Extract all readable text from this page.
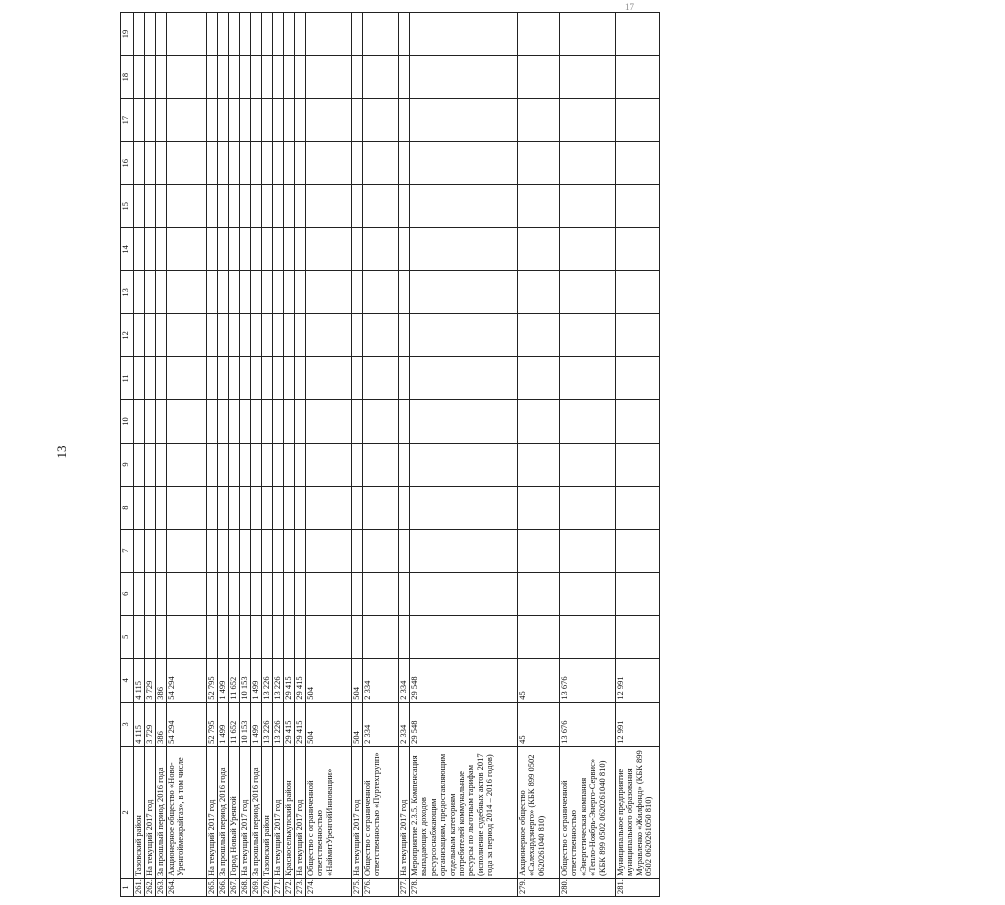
17
13
1	2	3	4	5	6	7	8	9	10	11	12	13	14	15	16	17	18	19
261.	Тазовский район	4 115	4 115															
262.	На текущий 2017 год	3 729	3 729															
263.	За прошлый период 2016 года	386	386															
264.	Акционерное общество «Ново-Уренгоймежрайгаз», в том числе	54 294	54 294															
265.	На текущий 2017 год	52 795	52 795															
266.	За прошлый период 2016 года	1 499	1 499															
267.	Город Новый Уренгой	11 652	11 652															
268.	На текущий 2017 год	10 153	10 153															
269.	За прошлый период 2016 года	1 499	1 499															
270.	Тазовский район	13 226	13 226															
271.	На текущий 2017 год	13 226	13 226															
272.	Красноселькупский район	29 415	29 415															
273.	На текущий 2017 год	29 415	29 415															
274.	Общество с ограниченной ответственностью «НаймитУренгойИнновации»	504	504															
275.	На текущий 2017 год	504	504															
276.	Общество с ограниченной ответственностью «Пуртехгрупп»	2 334	2 334															
277.	На текущий 2017 год	2 334	2 334															
278.	Мероприятие 2.3.5. Компенсация выпадающих доходов ресурсоснабжающим организациям, предоставляющим отдельным категориям потребителей коммунальные ресурсы по льготным тарифам (исполнение судебных актов 2017 года за период 2014 – 2016 годов)	29 548	29 548															
279.	Акционерное общество «Салехардэнерго» (КБК 899 0502 0620261040 810)	45	45															
280.	Общество с ограниченной ответственностью «Энергетическая компания «Тепло-Ноябрь-Энерго-Сервис» (КБК 899 0502 0620261040 810)	13 676	13 676															
281.	Муниципальное предприятие муниципального образования Муравленко «Жилфонд» (КБК 899 0502 0620261050 810)	12 991	12 991															
